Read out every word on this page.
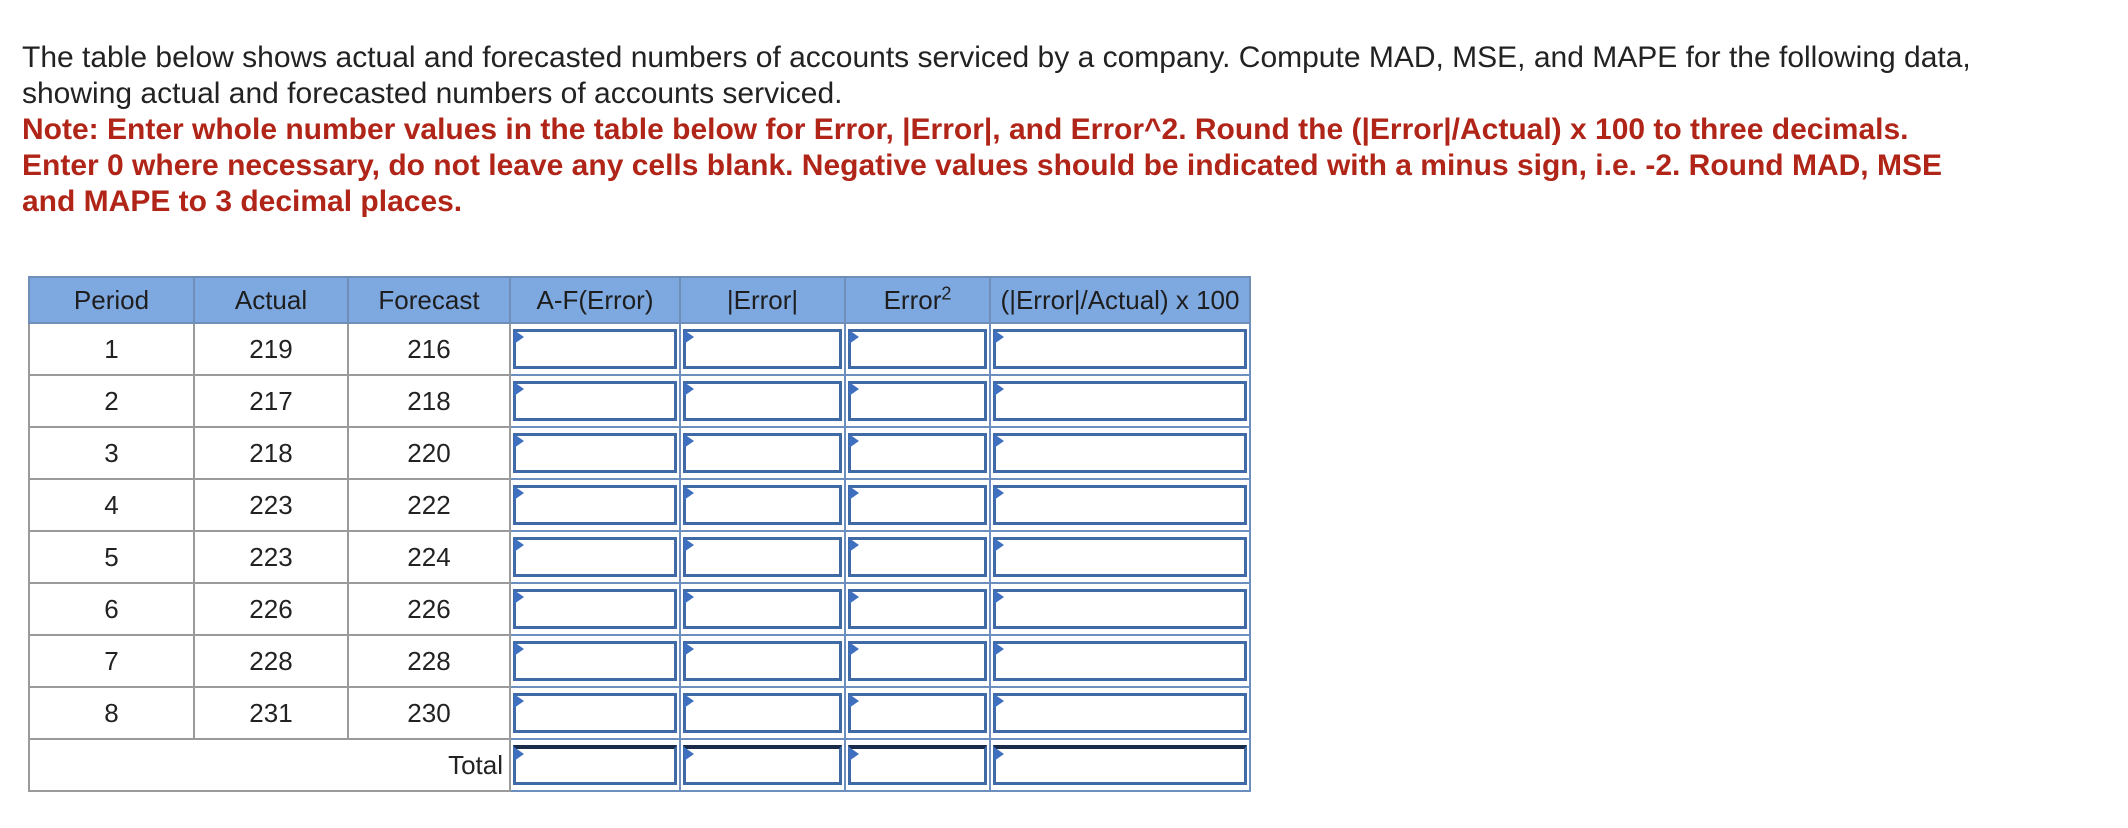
The table below shows actual and forecasted numbers of accounts serviced by a company. Compute MAD, MSE, and MAPE for the following data, showing actual and forecasted numbers of accounts serviced.
Note: Enter whole number values in the table below for Error, |Error|, and Error^2. Round the (|Error|/Actual) x 100 to three decimals. Enter 0 where necessary, do not leave any cells blank. Negative values should be indicated with a minus sign, i.e. -2. Round MAD, MSE and MAPE to 3 decimal places.
Period	Actual	Forecast	A-F(Error)	|Error|	Error$^2$	(|Error|/Actual) x 100
1	219	216	

2	217	218	

3	218	220	

4	223	222	

5	223	224	

6	226	226	

7	228	228	

8	231	230	

Total			
